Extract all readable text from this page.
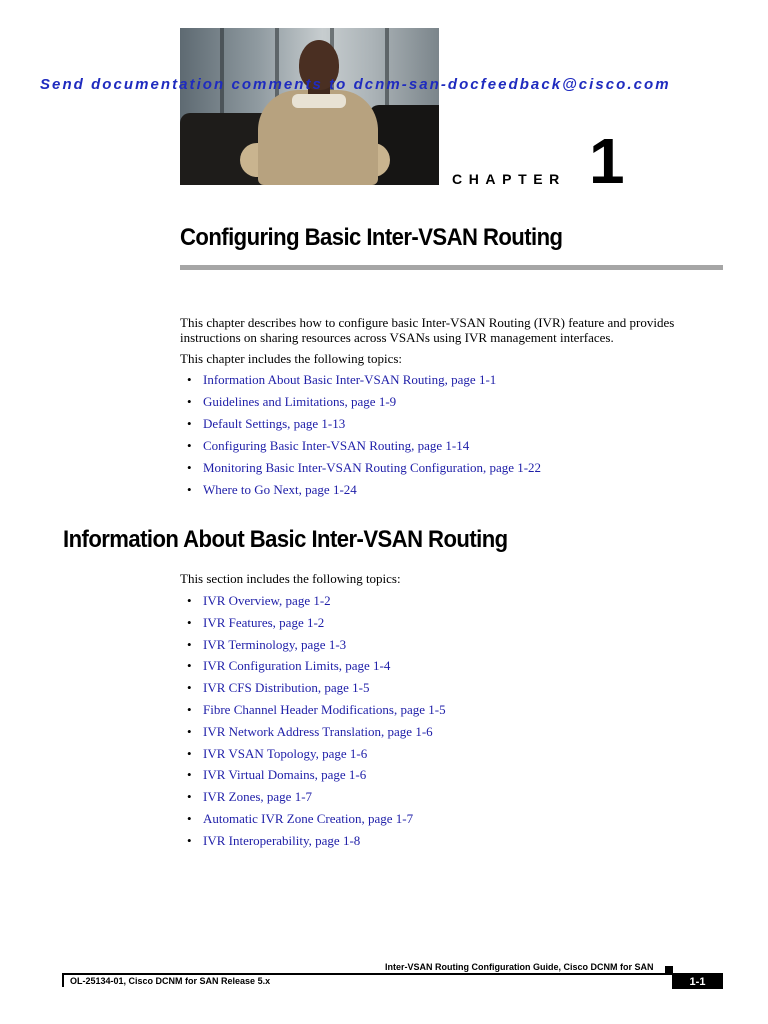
Send documentation comments to dcnm-san-docfeedback@cisco.com
CHAPTER 1
Configuring Basic Inter-VSAN Routing

This chapter describes how to configure basic Inter-VSAN Routing (IVR) feature and provides instructions on sharing resources across VSANs using IVR management interfaces.

This chapter includes the following topics:

• Information About Basic Inter-VSAN Routing, page 1-1
• Guidelines and Limitations, page 1-9
• Default Settings, page 1-13
• Configuring Basic Inter-VSAN Routing, page 1-14
• Monitoring Basic Inter-VSAN Routing Configuration, page 1-22
• Where to Go Next, page 1-24
Information About Basic Inter-VSAN Routing

This section includes the following topics:

• IVR Overview, page 1-2
• IVR Features, page 1-2
• IVR Terminology, page 1-3
• IVR Configuration Limits, page 1-4
• IVR CFS Distribution, page 1-5
• Fibre Channel Header Modifications, page 1-5
• IVR Network Address Translation, page 1-6
• IVR VSAN Topology, page 1-6
• IVR Virtual Domains, page 1-6
• IVR Zones, page 1-7
• Automatic IVR Zone Creation, page 1-7
• IVR Interoperability, page 1-8
Inter-VSAN Routing Configuration Guide, Cisco DCNM for SAN
OL-25134-01, Cisco DCNM for SAN Release 5.x	1-1
